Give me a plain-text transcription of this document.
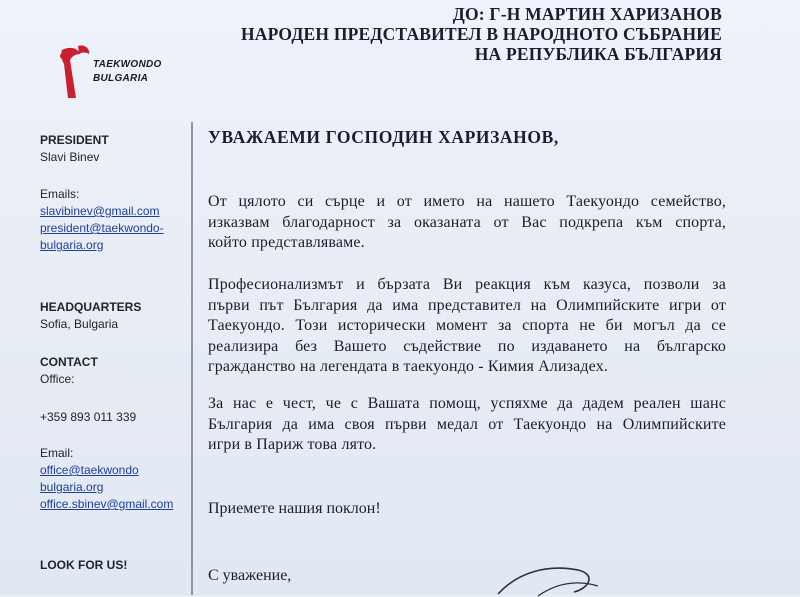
ДО: Г-Н МАРТИН ХАРИЗАНОВ
НАРОДЕН ПРЕДСТАВИТЕЛ В НАРОДНОТО СЪБРАНИЕ
НА РЕПУБЛИКА БЪЛГАРИЯ
TAEKWONDO
BULGARIA
PRESIDENT
Slavi Binev
Emails:
slavibinev@gmail.com
president@taekwondo-
bulgaria.org
HEADQUARTERS
Sofia, Bulgaria
CONTACT
Office:
+359 893 011 339
Email:
office@taekwondo
bulgaria.org
office.sbinev@gmail.com
LOOK FOR US!
УВАЖАЕМИ ГОСПОДИН ХАРИЗАНОВ,
От цялото си сърце и от името на нашето Таекуондо семейство,
изказвам благодарност за оказаната от Вас подкрепа към спорта,
който представляваме.
Професионализмът и бързата Ви реакция към казуса, позволи за
първи път България да има представител на Олимпийските игри от
Таекуондо. Този исторически момент за спорта не би могъл да се
реализира без Вашето съдействие по издаването на българско
гражданство на легендата в таекуондо - Кимия Ализадех.
За нас е чест, че с Вашата помощ, успяхме да дадем реален шанс
България да има своя първи медал от Таекуондо на Олимпийските
игри в Париж това лято.
Приемете нашия поклон!
С уважение,
